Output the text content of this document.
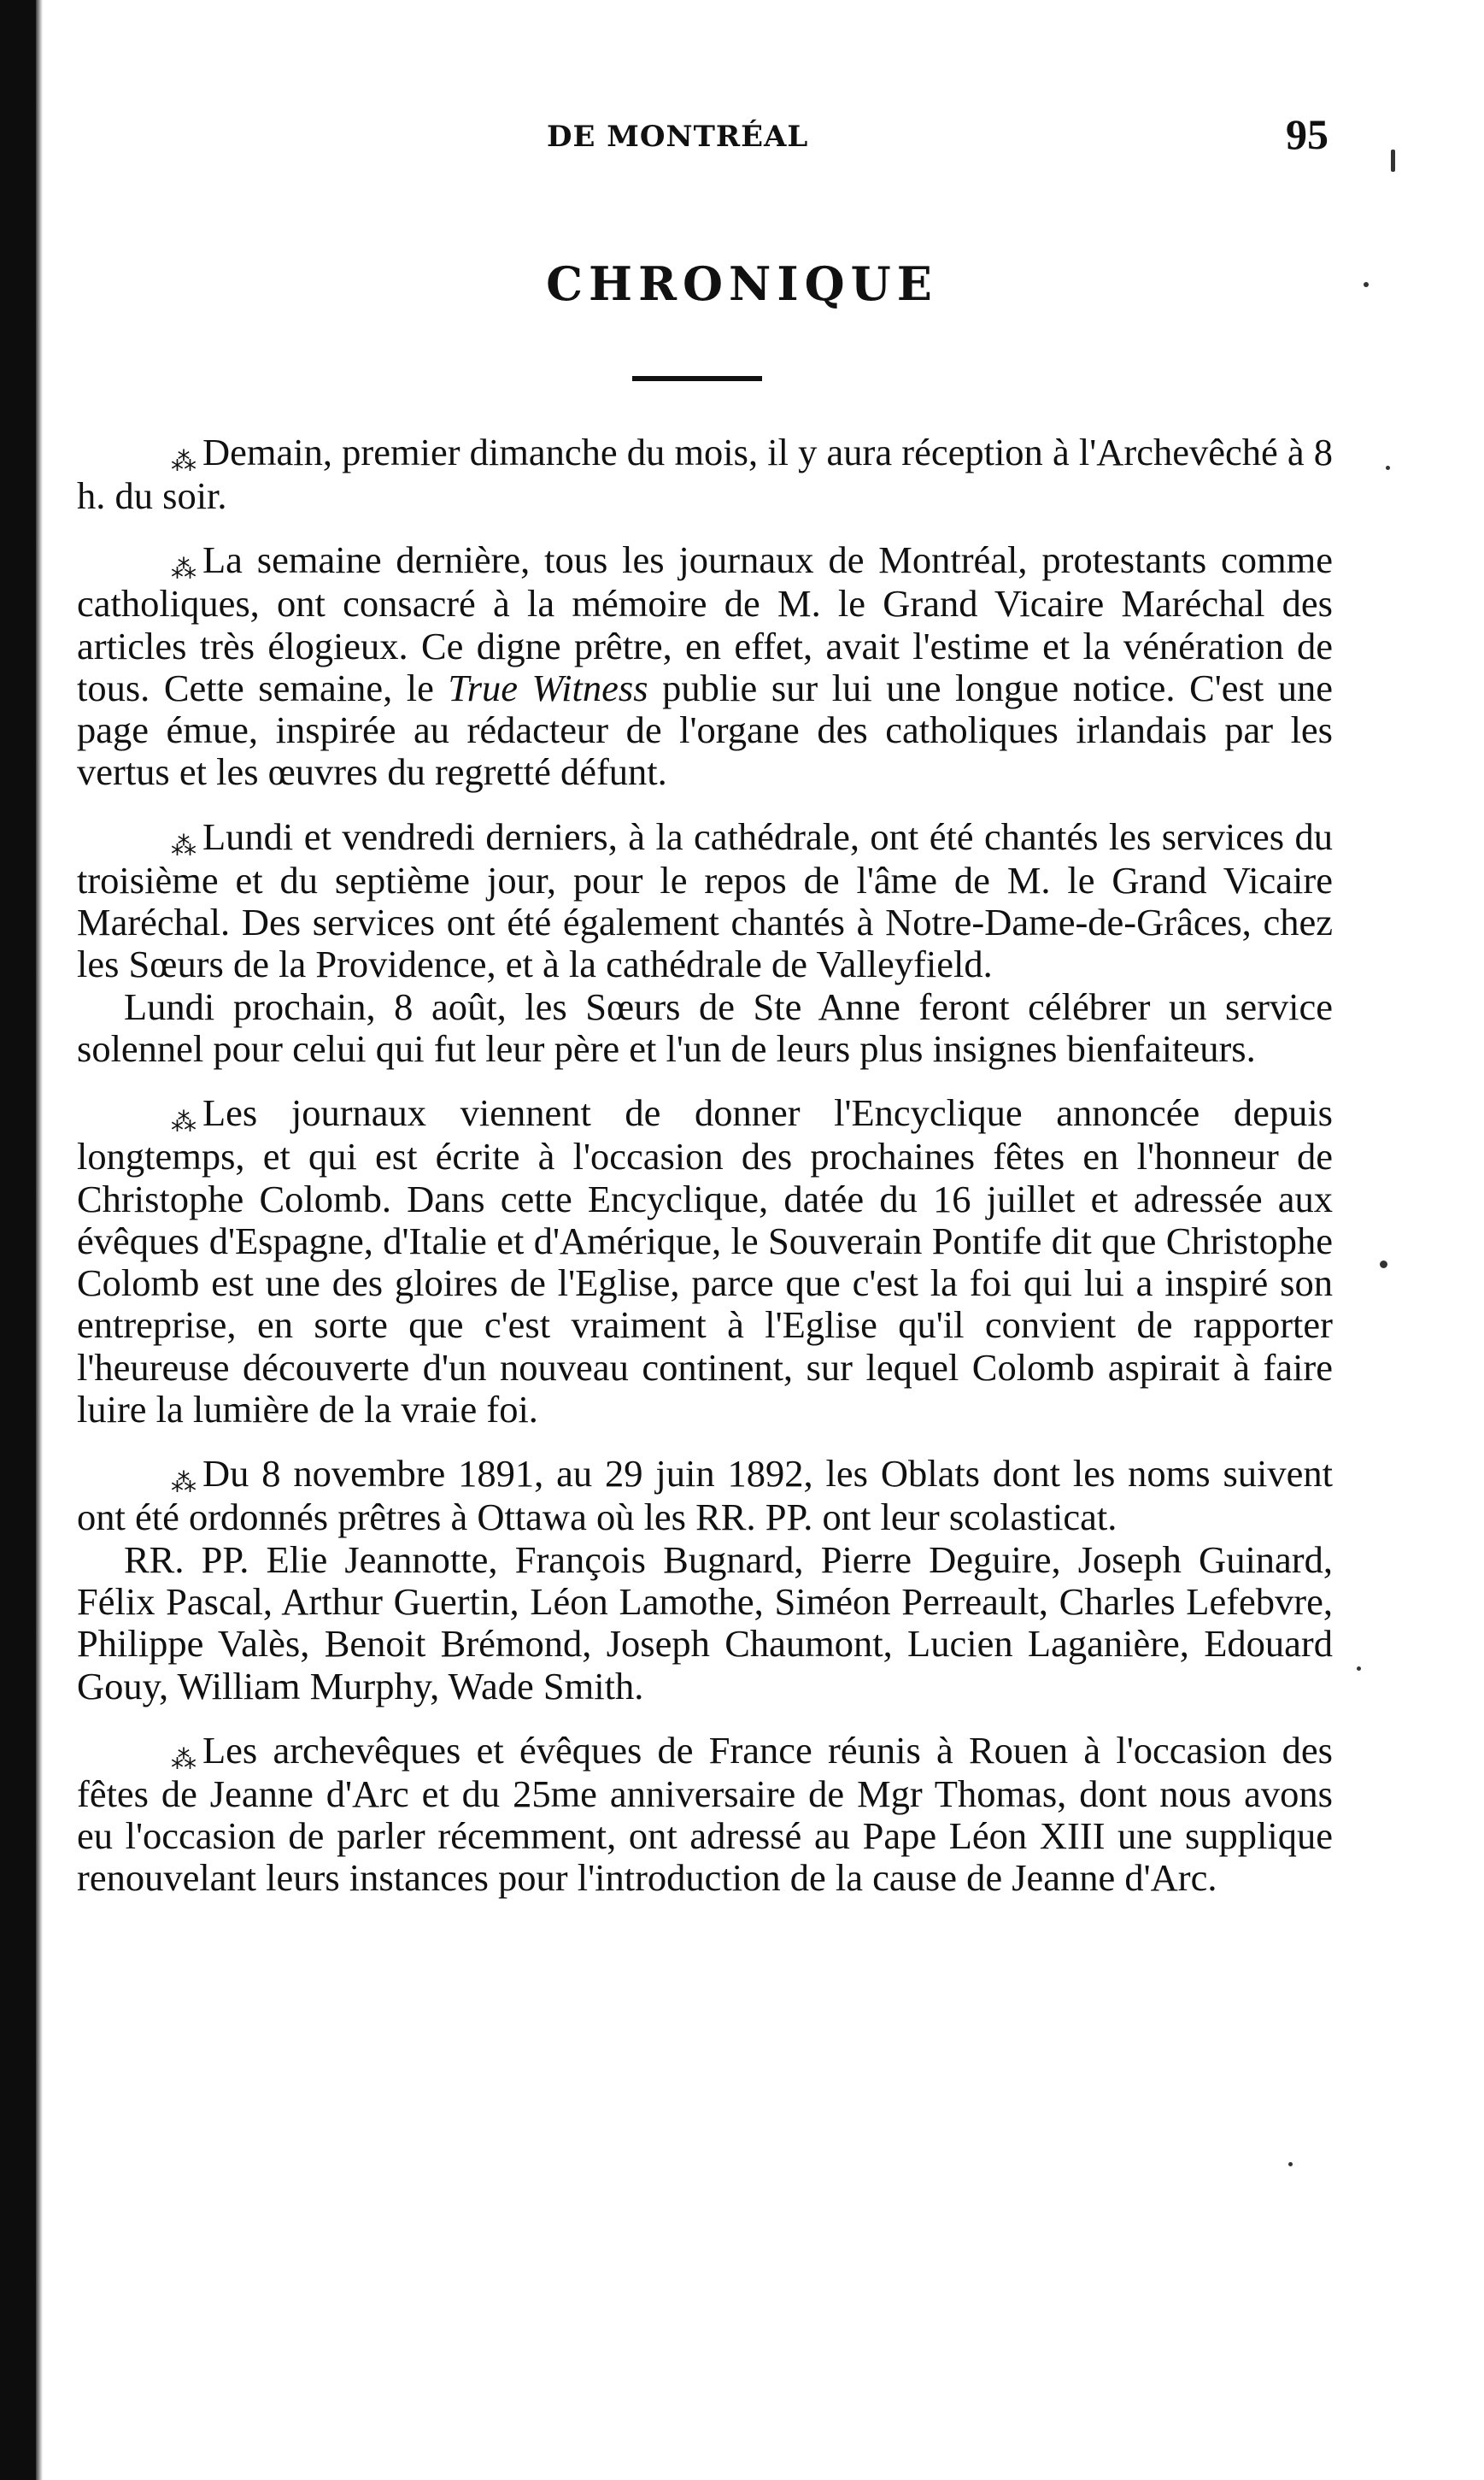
DE MONTRÉAL	95
CHRONIQUE

⁂ Demain, premier dimanche du mois, il y aura réception à l'Archevêché à 8 h. du soir.

⁂ La semaine dernière, tous les journaux de Montréal, protestants comme catholiques, ont consacré à la mémoire de M. le Grand Vicaire Maréchal des articles très élogieux. Ce digne prêtre, en effet, avait l'estime et la vénération de tous. Cette semaine, le True Witness publie sur lui une longue notice. C'est une page émue, inspirée au rédacteur de l'organe des catholiques irlandais par les vertus et les œuvres du regretté défunt.

⁂ Lundi et vendredi derniers, à la cathédrale, ont été chantés les services du troisième et du septième jour, pour le repos de l'âme de M. le Grand Vicaire Maréchal. Des services ont été également chantés à Notre-Dame-de-Grâces, chez les Sœurs de la Providence, et à la cathédrale de Valleyfield.

Lundi prochain, 8 août, les Sœurs de Ste Anne feront célébrer un service solennel pour celui qui fut leur père et l'un de leurs plus insignes bienfaiteurs.

⁂ Les journaux viennent de donner l'Encyclique annoncée depuis longtemps, et qui est écrite à l'occasion des prochaines fêtes en l'honneur de Christophe Colomb. Dans cette Encyclique, datée du 16 juillet et adressée aux évêques d'Espagne, d'Italie et d'Amérique, le Souverain Pontife dit que Christophe Colomb est une des gloires de l'Eglise, parce que c'est la foi qui lui a inspiré son entreprise, en sorte que c'est vraiment à l'Eglise qu'il convient de rapporter l'heureuse découverte d'un nouveau continent, sur lequel Colomb aspirait à faire luire la lumière de la vraie foi.

⁂ Du 8 novembre 1891, au 29 juin 1892, les Oblats dont les noms suivent ont été ordonnés prêtres à Ottawa où les RR. PP. ont leur scolasticat.

RR. PP. Elie Jeannotte, François Bugnard, Pierre Deguire, Joseph Guinard, Félix Pascal, Arthur Guertin, Léon Lamothe, Siméon Perreault, Charles Lefebvre, Philippe Valès, Benoit Brémond, Joseph Chaumont, Lucien Laganière, Edouard Gouy, William Murphy, Wade Smith.

⁂ Les archevêques et évêques de France réunis à Rouen à l'occasion des fêtes de Jeanne d'Arc et du 25me anniversaire de Mgr Thomas, dont nous avons eu l'occasion de parler récemment, ont adressé au Pape Léon XIII une supplique renouvelant leurs instances pour l'introduction de la cause de Jeanne d'Arc.
